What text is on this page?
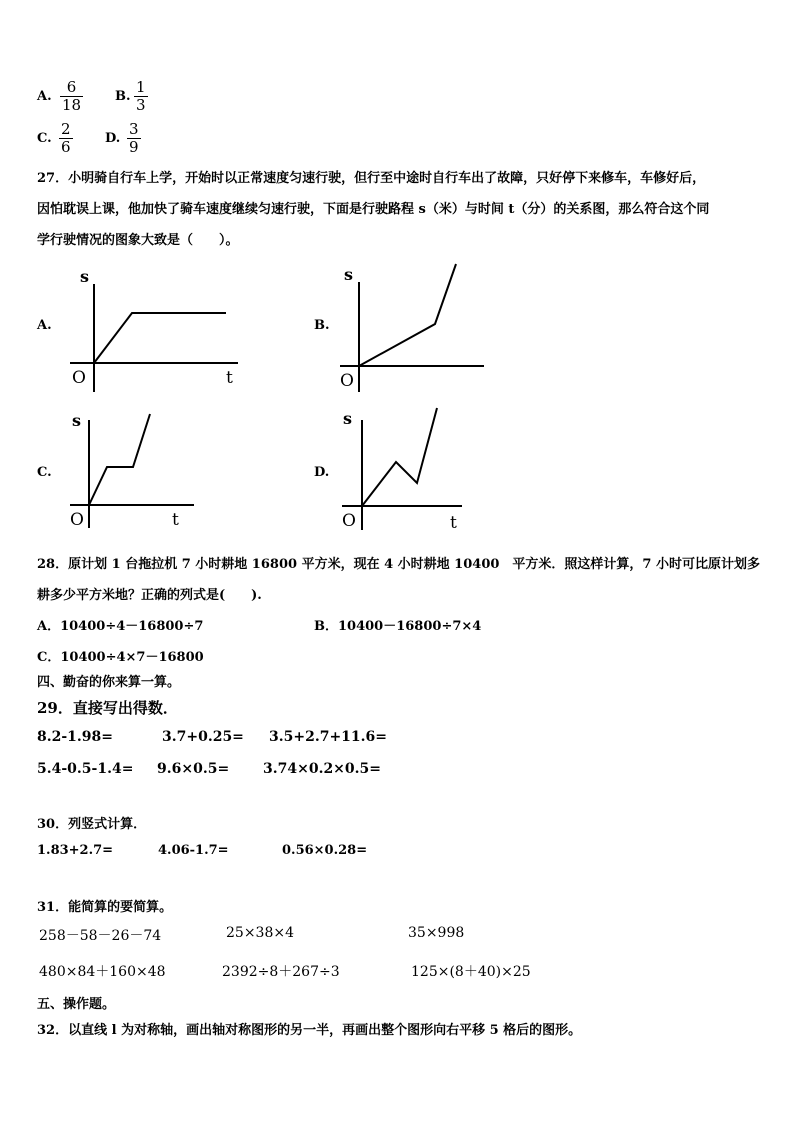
A.
6
18	B.
1
3
C.
2
6	D.
3
9
27．小明骑自行车上学，开始时以正常速度匀速行驶，但行至中途时自行车出了故障，只好停下来修车，车修好后，
因怕耽误上课，他加快了骑车速度继续匀速行驶，下面是行驶路程 s（米）与时间 t（分）的关系图，那么符合这个同
学行驶情况的图象大致是（　　）。
A.
s
O	t
B.
s
O
C.
s
O	t
D.
s
O	t
28．原计划 1 台拖拉机 7 小时耕地 16800 平方米，现在 4 小时耕地 10400　平方米．照这样计算，7 小时可比原计划多
耕多少平方米地？正确的列式是(　　).
A．10400÷4－16800÷7	B．10400－16800÷7×4
C．10400÷4×7－16800
四、勤奋的你来算一算。
29．直接写出得数．
8.2-1.98=	3.7+0.25= 3.5+2.7+11.6=
5.4-0.5-1.4= 9.6×0.5= 3.74×0.2×0.5=
30．列竖式计算．
1.83+2.7=	4.06-1.7=	0.56×0.28=
31．能简算的要简算。
258－58－26－74	25×38×4	35×998
480×84＋160×48	2392÷8＋267÷3	125×(8＋40)×25
五、操作题。
32．以直线 l 为对称轴，画出轴对称图形的另一半，再画出整个图形向右平移 5 格后的图形。
